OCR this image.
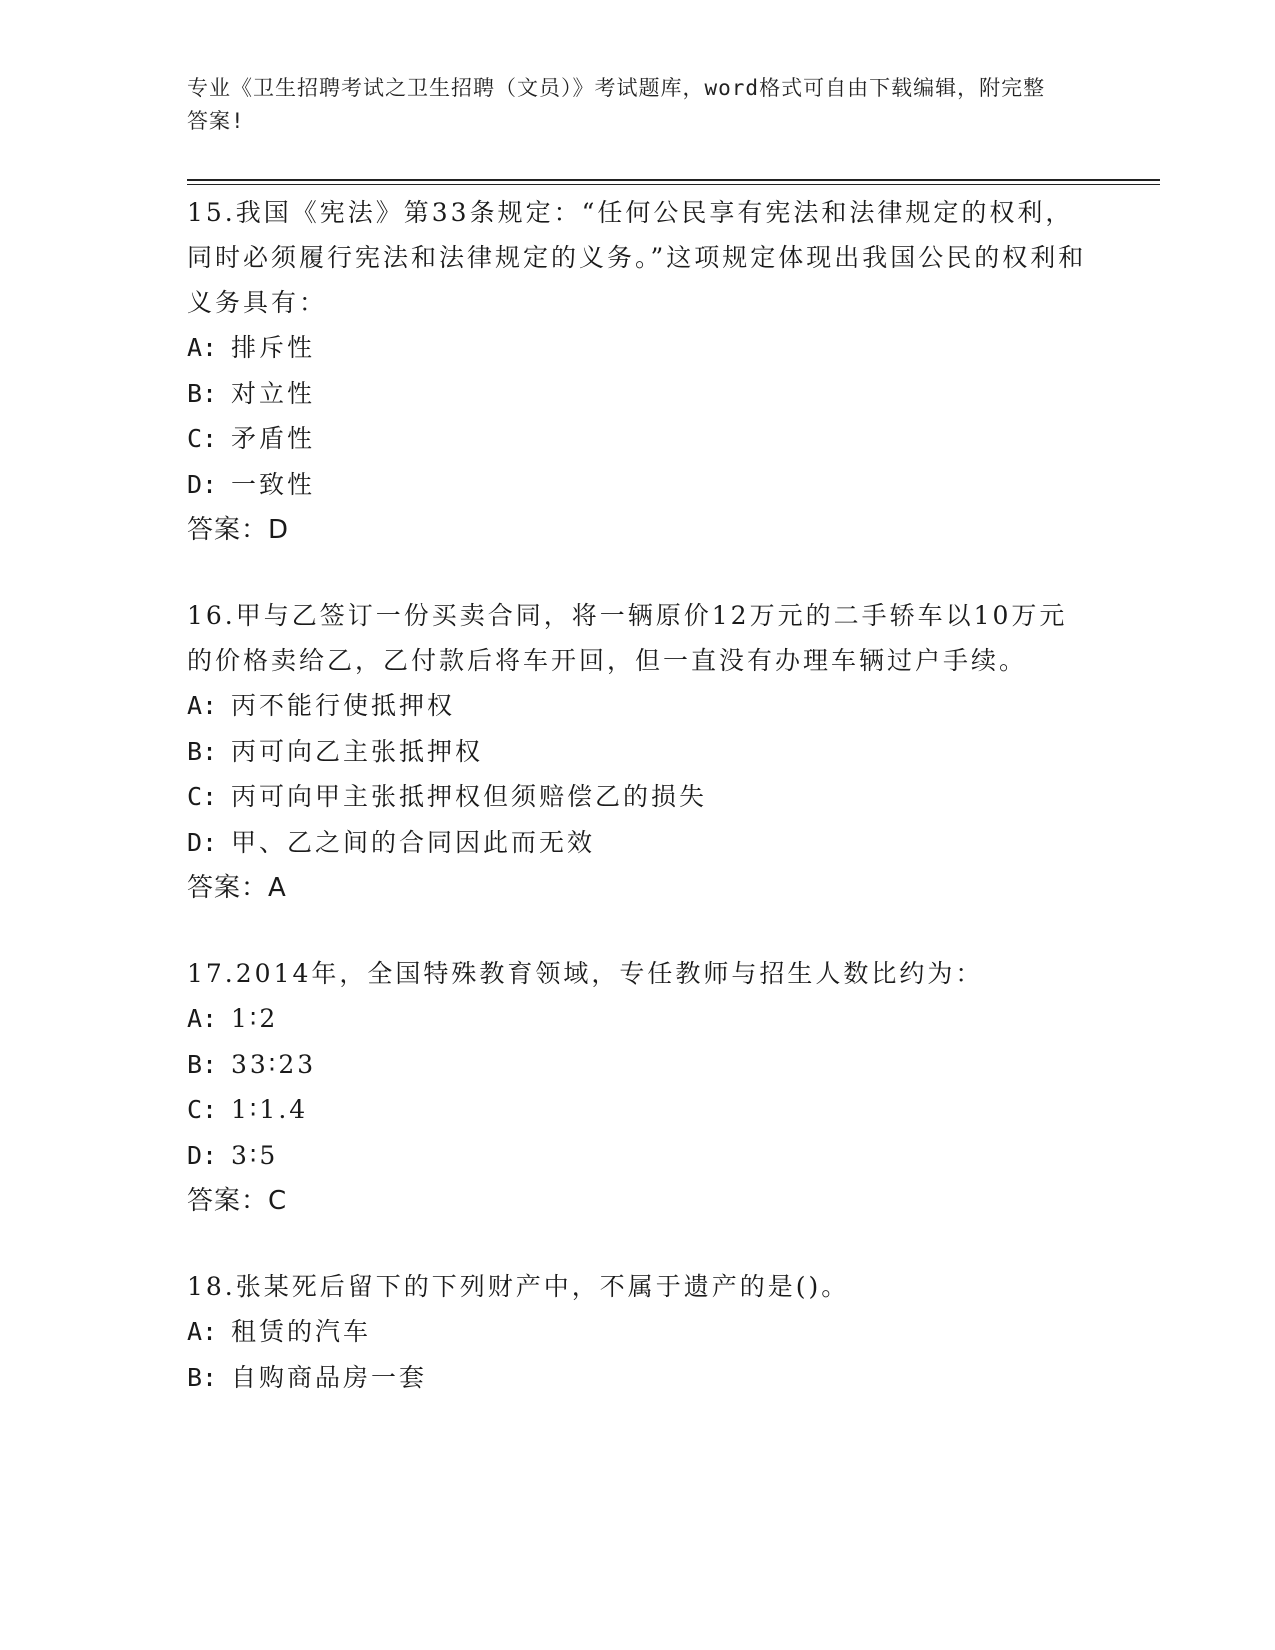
专业《卫生招聘考试之卫生招聘（文员）》考试题库，word格式可自由下载编辑，附完整答案!

15.我国《宪法》第33条规定：“任何公民享有宪法和法律规定的权利，同时必须履行宪法和法律规定的义务。”这项规定体现出我国公民的权利和义务具有：

A: 排斥性

B: 对立性

C: 矛盾性

D: 一致性

答案：D

16.甲与乙签订一份买卖合同，将一辆原价12万元的二手轿车以10万元的价格卖给乙，乙付款后将车开回，但一直没有办理车辆过户手续。

A: 丙不能行使抵押权

B: 丙可向乙主张抵押权

C: 丙可向甲主张抵押权但须赔偿乙的损失

D: 甲、乙之间的合同因此而无效

答案：A

17.2014年，全国特殊教育领域，专任教师与招生人数比约为：

A: 1∶2

B: 33∶23

C: 1∶1.4

D: 3∶5

答案：C

18.张某死后留下的下列财产中，不属于遗产的是()。

A: 租赁的汽车

B: 自购商品房一套
